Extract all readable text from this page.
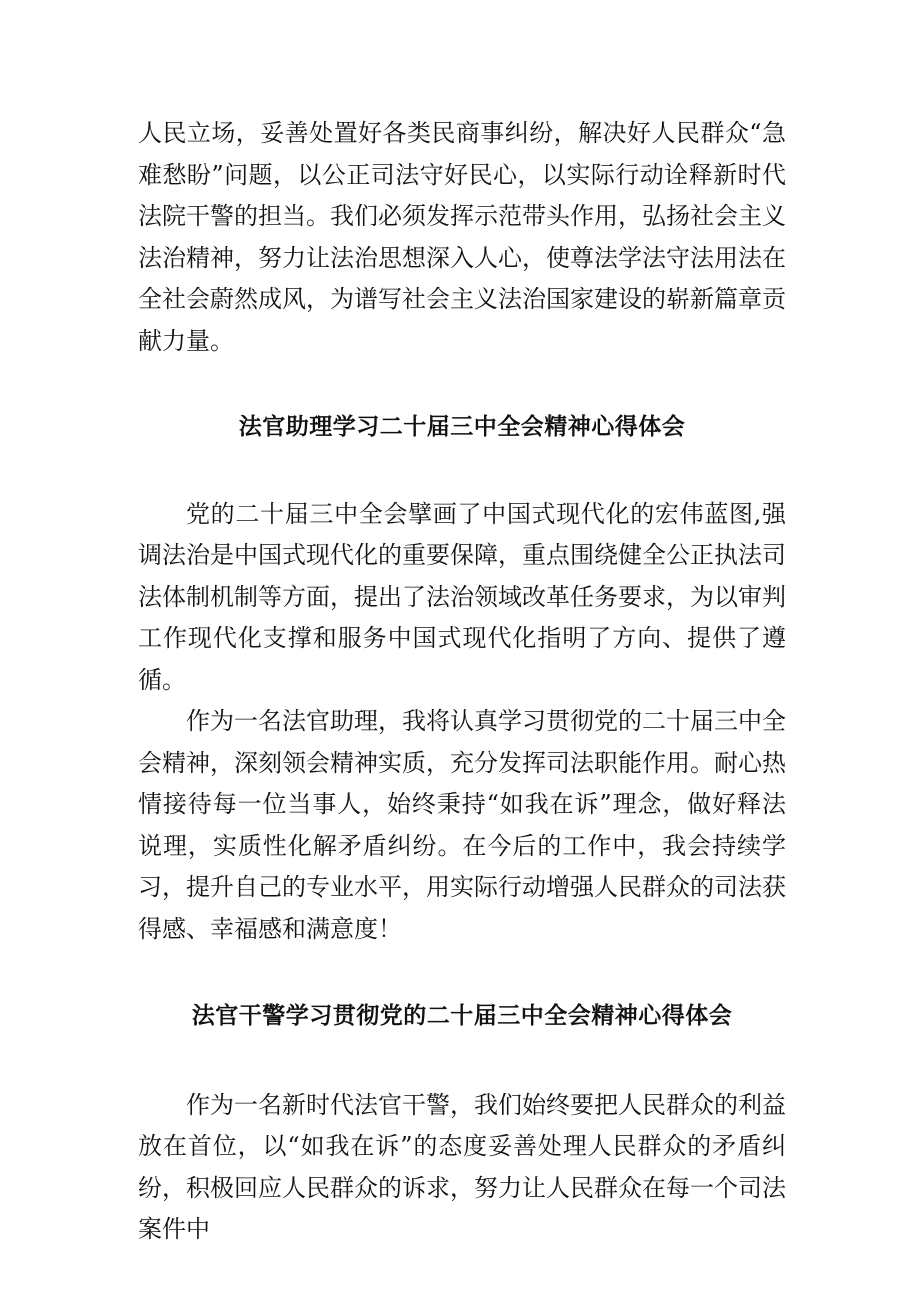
人民立场，妥善处置好各类民商事纠纷，解决好人民群众“急难愁盼”问题，以公正司法守好民心，以实际行动诠释新时代法院干警的担当。我们必须发挥示范带头作用，弘扬社会主义法治精神，努力让法治思想深入人心，使尊法学法守法用法在全社会蔚然成风，为谱写社会主义法治国家建设的崭新篇章贡献力量。

法官助理学习二十届三中全会精神心得体会

党的二十届三中全会擘画了中国式现代化的宏伟蓝图,强调法治是中国式现代化的重要保障，重点围绕健全公正执法司法体制机制等方面，提出了法治领域改革任务要求，为以审判工作现代化支撑和服务中国式现代化指明了方向、提供了遵循。

作为一名法官助理，我将认真学习贯彻党的二十届三中全会精神，深刻领会精神实质，充分发挥司法职能作用。耐心热情接待每一位当事人，始终秉持“如我在诉”理念，做好释法说理，实质性化解矛盾纠纷。在今后的工作中，我会持续学习，提升自己的专业水平，用实际行动增强人民群众的司法获得感、幸福感和满意度！

法官干警学习贯彻党的二十届三中全会精神心得体会

作为一名新时代法官干警，我们始终要把人民群众的利益放在首位，以“如我在诉”的态度妥善处理人民群众的矛盾纠纷，积极回应人民群众的诉求，努力让人民群众在每一个司法案件中
